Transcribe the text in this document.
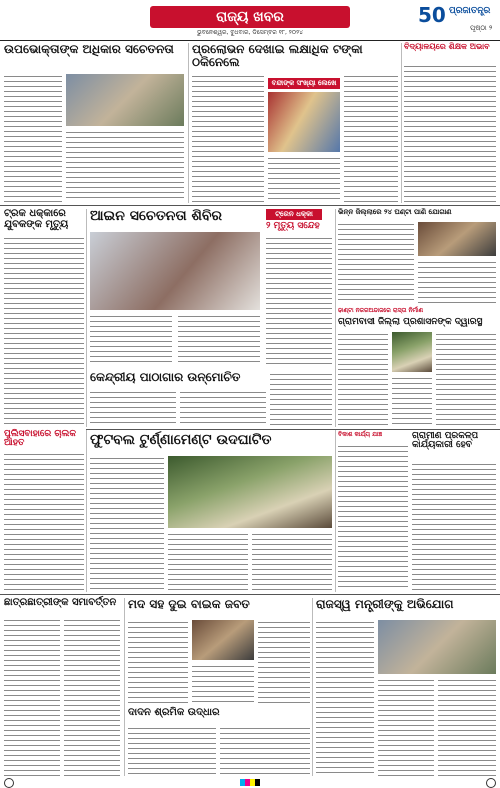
ରାଜ୍ୟ ଖବର
ଭୁବନେଶ୍ୱର, ବୁଧବାର, ଡିସେମ୍ବର ୧୮, ୨୦୨୪
50 ପ୍ରଜାତନ୍ତ୍ର
ପୃଷ୍ଠା ୨
ଉପଭୋକ୍ତାଙ୍କ ଅଧିକାର ସଚେତନତା	ପ୍ରଲୋଭନ ଦେଖାଇ ଲକ୍ଷାଧିକ ଟଙ୍କା ଠକିନେଲେ
ବନ୍ଦୀଙ୍କ ସଂଖ୍ୟା ଲେଖେ
ବିଦ୍ୟାଳୟରେ ଶିକ୍ଷକ ଅଭାବ
ଟ୍ରକ ଧକ୍କାରେ ଯୁବକଙ୍କ ମୃତ୍ୟୁ	ଆଇନ ସଚେତନତା ଶିବିର	ଟ୍ରେନ ଧକ୍କା
୨ ମୃତ୍ୟୁ ସନ୍ଦେହ
ଭିନ୍ନ ଜିଲ୍ଲାରେ ୨୪ ଘଣ୍ଟା ପାଣି ଯୋଗାଣ
କେନ୍ଦ୍ରୀୟ ପାଠାଗାର ଉନ୍ମୋଚିତ
ଢାଣ୍ଟା ନଜରଅନ୍ଦାଜରେ ରାସ୍ତା ନିର୍ମାଣ
ଗ୍ରାମବାସୀ ଜିଲ୍ଲା ପ୍ରଶାସନଙ୍କ ଦ୍ୱାରସ୍ଥ
ପୁଲିସବାହାରେ ଚାଲକ ଆହତ	ଫୁଟବଲ ଟୁର୍ଣ୍ଣାମେଣ୍ଟ ଉଦଘାଟିତ	ବିକାଶ କାର୍ଯ୍ୟ ଯାଞ୍ଚ	ଗ୍ରାମୀଣ ପ୍ରକଳ୍ପ କାର୍ଯ୍ୟକାରୀ ହେବ
ଛାତ୍ରଛାତ୍ରୀଙ୍କ ସମାବର୍ତ୍ତନ ମଦ ସହ ଦୁଇ ବାଇକ ଜବତ
ଦାଦନ ଶ୍ରମିକ ଉଦ୍ଧାର
ରାଜସ୍ୱ ମନ୍ତ୍ରୀଙ୍କୁ ଅଭିଯୋଗ
